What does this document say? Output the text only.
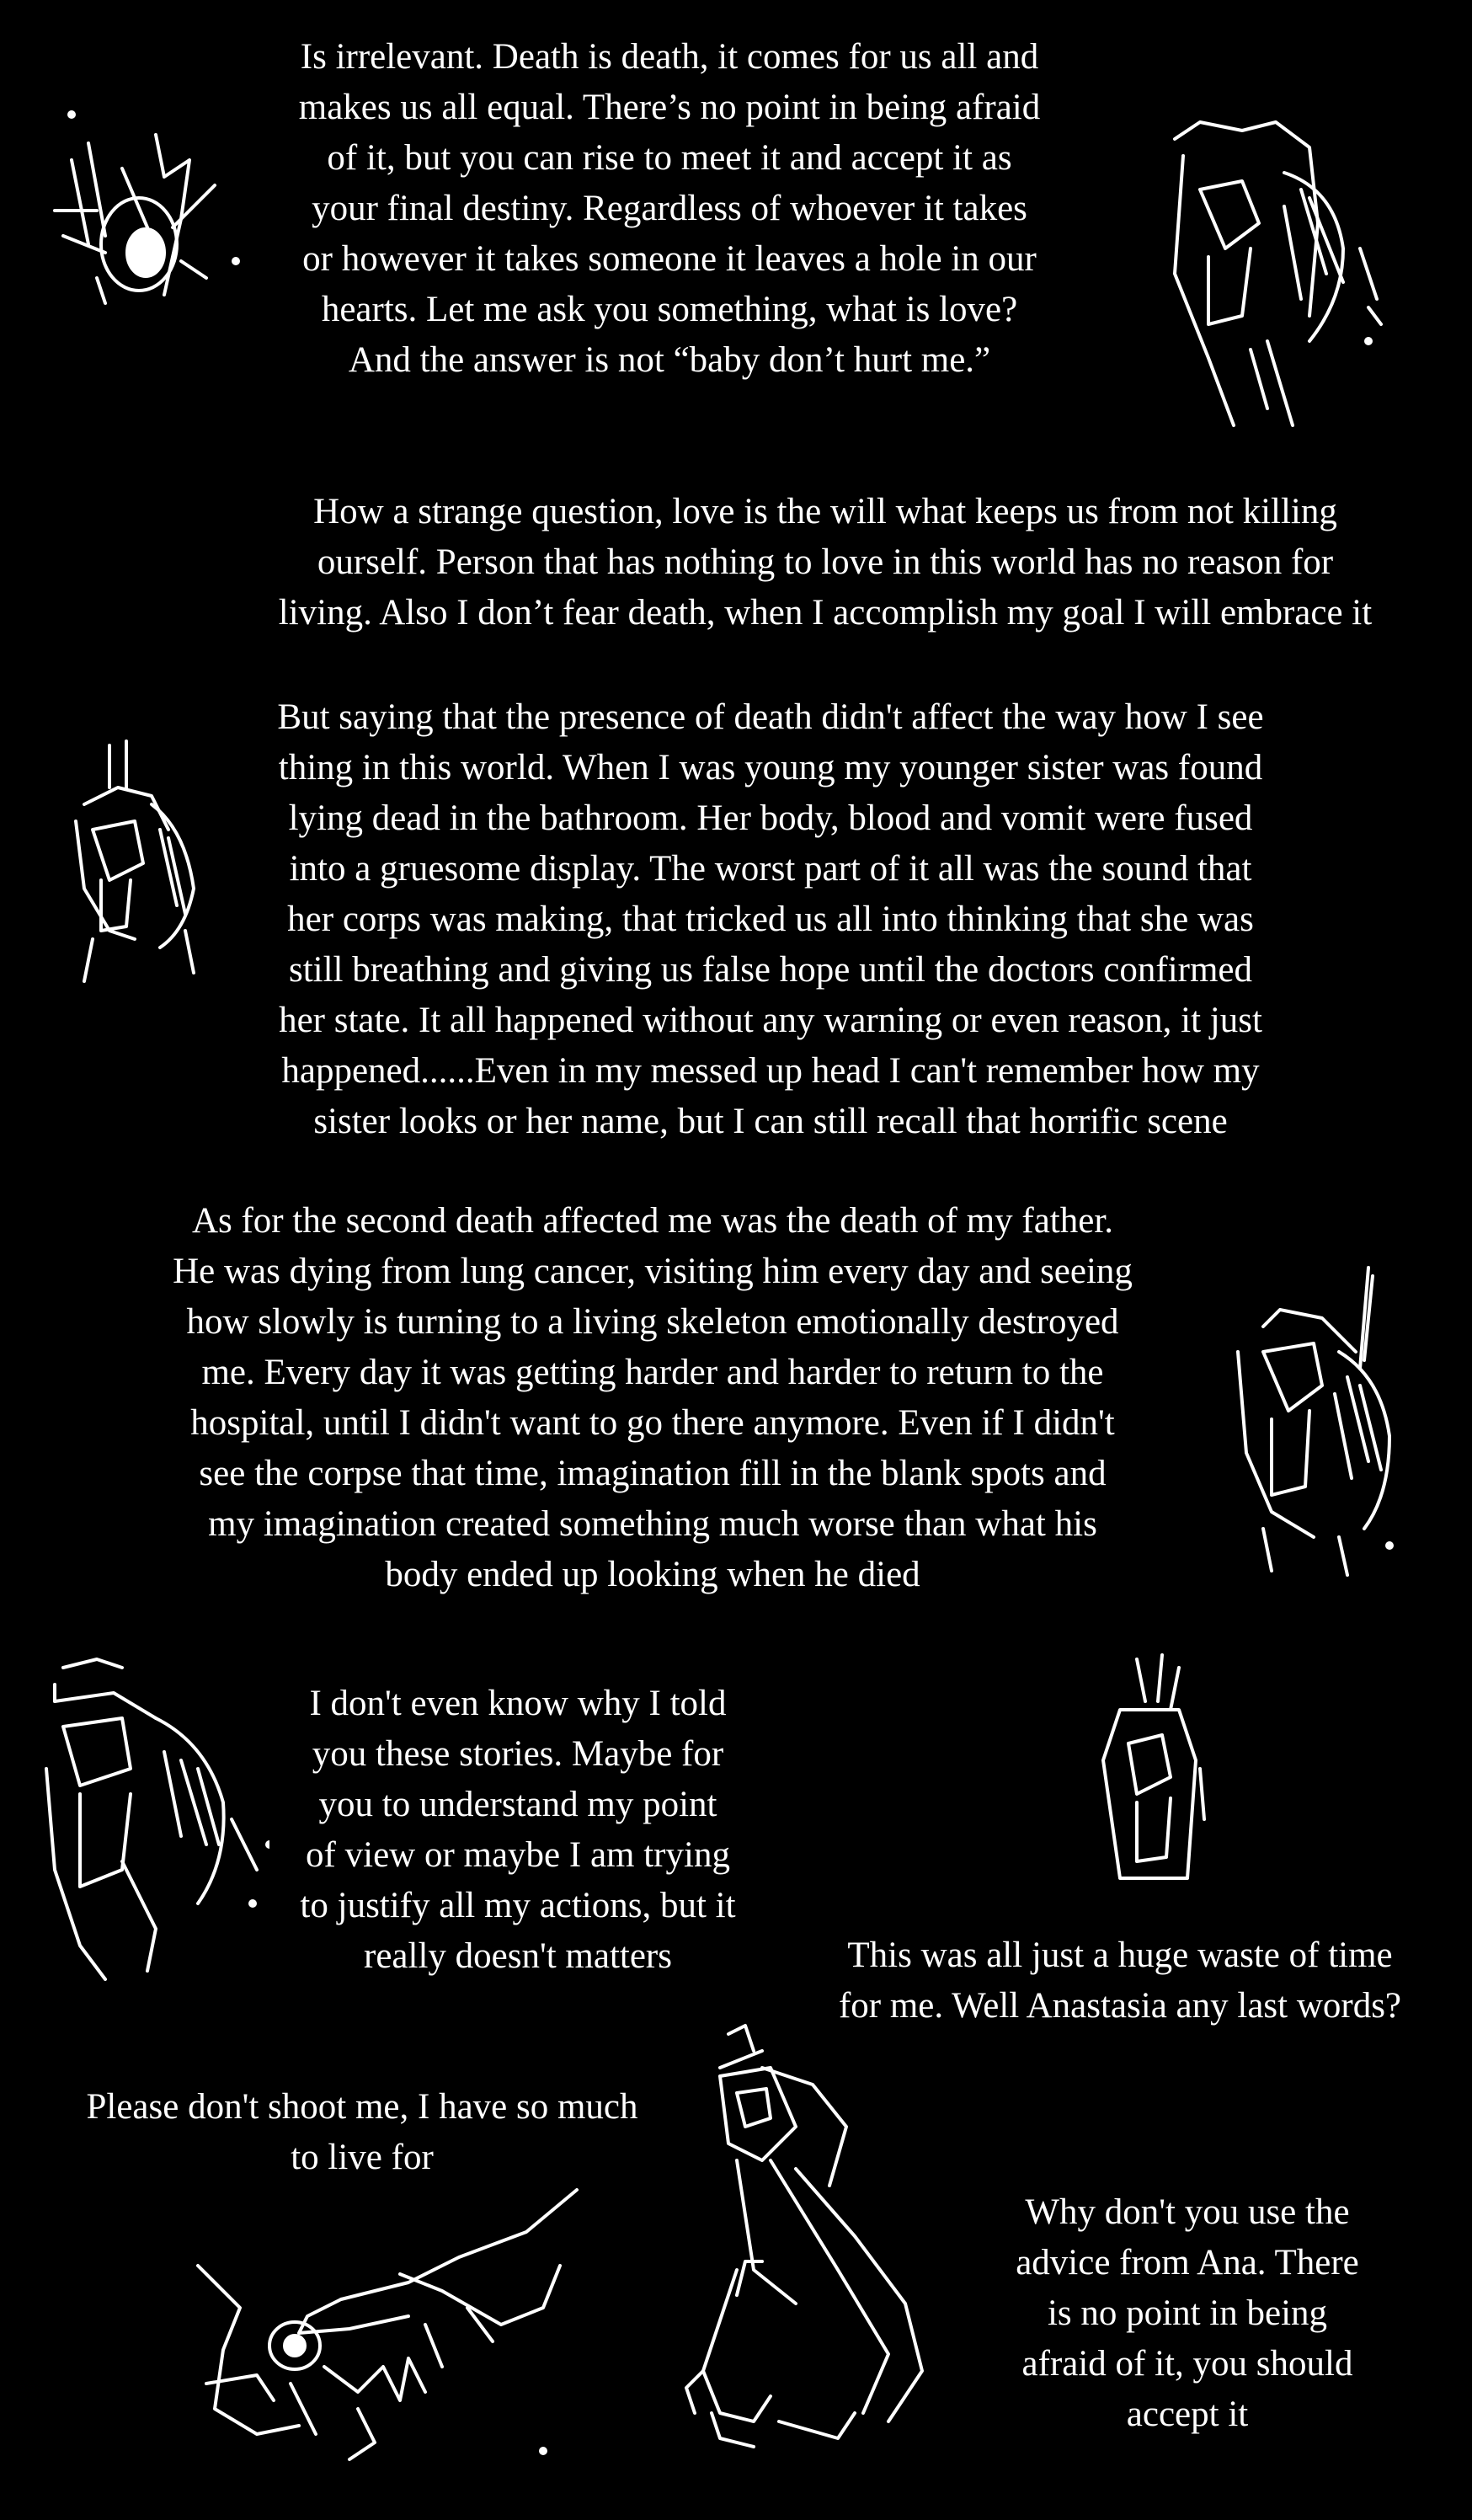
Is irrelevant. Death is death, it comes for us all and
makes us all equal. There’s no point in being afraid
of it, but you can rise to meet it and accept it as
your final destiny. Regardless of whoever it takes
or however it takes someone it leaves a hole in our
hearts. Let me ask you something, what is love?
And the answer is not “baby don’t hurt me.”
How a strange question, love is the will what keeps us from not killing
ourself. Person that has nothing to love in this world has no reason for
living. Also I don’t fear death, when I accomplish my goal I will embrace it
But saying that the presence of death didn't affect the way how I see
thing in this world. When I was young my younger sister was found
lying dead in the bathroom. Her body, blood and vomit were fused
into a gruesome display. The worst part of it all was the sound that
her corps was making, that tricked us all into thinking that she was
still breathing and giving us false hope until the doctors confirmed
her state. It all happened without any warning or even reason, it just
happened......Even in my messed up head I can't remember how my
sister looks or her name, but I can still recall that horrific scene
As for the second death affected me was the death of my father.
He was dying from lung cancer, visiting him every day and seeing
how slowly is turning to a living skeleton emotionally destroyed
me. Every day it was getting harder and harder to return to the
hospital, until I didn't want to go there anymore. Even if I didn't
see the corpse that time, imagination fill in the blank spots and
my imagination created something much worse than what his
body ended up looking when he died
I don't even know why I told
you these stories. Maybe for
you to understand my point
of view or maybe I am trying
to justify all my actions, but it
really doesn't matters	This was all just a huge waste of time
for me. Well Anastasia any last words?
Please don't shoot me, I have so much
to live for
Why don't you use the
advice from Ana. There
is no point in being
afraid of it, you should
accept it
